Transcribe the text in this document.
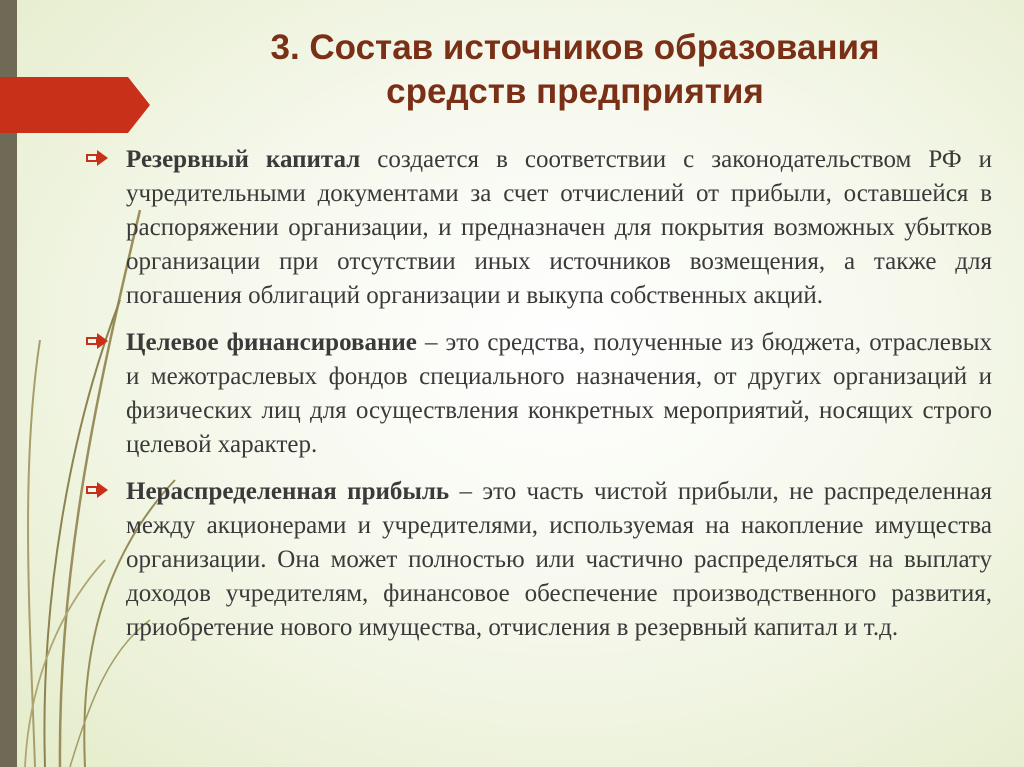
3. Состав источников образования
средств предприятия
Резервный капитал создается в соответствии с законодательством РФ и учредительными документами за счет отчислений от прибыли, оставшейся в распоряжении организации, и предназначен для покрытия возможных убытков организации при отсутствии иных источников возмещения, а также для погашения облигаций организации и выкупа собственных акций.
Целевое финансирование – это средства, полученные из бюджета, отраслевых и межотраслевых фондов специального назначения, от других организаций и физических лиц для осуществления конкретных мероприятий, носящих строго целевой характер.
Нераспределенная прибыль – это часть чистой прибыли, не распределенная между акционерами и учредителями, используемая на накопление имущества организации. Она может полностью или частично распределяться на выплату доходов учредителям, финансовое обеспечение производственного развития, приобретение нового имущества, отчисления в резервный капитал и т.д.
